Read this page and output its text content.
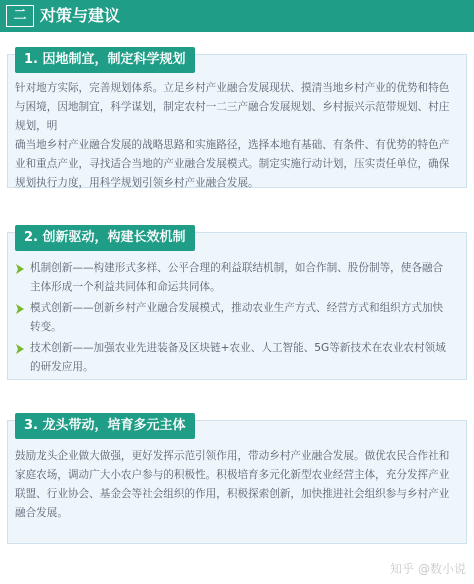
二 对策与建议
1. 因地制宜，制定科学规划

针对地方实际，完善规划体系。立足乡村产业融合发展现状、摸清当地乡村产业的优势和特色
与困境，因地制宜，科学谋划，制定农村一二三产融合发展规划、乡村振兴示范带规划、村庄规划，明
确当地乡村产业融合发展的战略思路和实施路径，选择本地有基础、有条件、有优势的特色产
业和重点产业，寻找适合当地的产业融合发展模式。制定实施行动计划，压实责任单位，确保
规划执行力度，用科学规划引领乡村产业融合发展。

2. 创新驱动，构建长效机制
机制创新——构建形式多样、公平合理的利益联结机制，如合作制、股份制等，使各融合
主体形成一个利益共同体和命运共同体。
模式创新——创新乡村产业融合发展模式，推动农业生产方式、经营方式和组织方式加快
转变。
技术创新——加强农业先进装备及区块链+农业、人工智能、5G等新技术在农业农村领域
的研发应用。
3. 龙头带动，培育多元主体

鼓励龙头企业做大做强，更好发挥示范引领作用，带动乡村产业融合发展。做优农民合作社和
家庭农场，调动广大小农户参与的积极性。积极培育多元化新型农业经营主体，充分发挥产业
联盟、行业协会、基金会等社会组织的作用，积极探索创新，加快推进社会组织参与乡村产业
融合发展。

知乎 @数小说
